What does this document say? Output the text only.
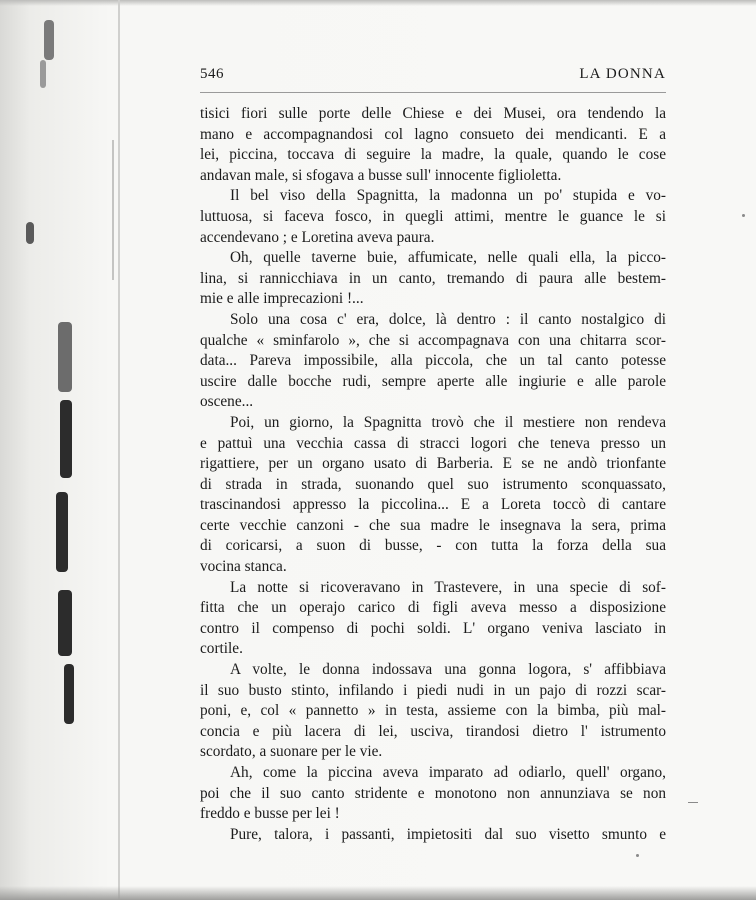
546	LA DONNA
tisici fiori sulle porte delle Chiese e dei Musei, ora tendendo la
mano e accompagnandosi col lagno consueto dei mendicanti. E a
lei, piccina, toccava di seguire la madre, la quale, quando le cose
andavan male, si sfogava a busse sull' innocente figlioletta.
Il bel viso della Spagnitta, la madonna un po' stupida e vo-
luttuosa, si faceva fosco, in quegli attimi, mentre le guance le si
accendevano ; e Loretina aveva paura.
Oh, quelle taverne buie, affumicate, nelle quali ella, la picco-
lina, si rannicchiava in un canto, tremando di paura alle bestem-
mie e alle imprecazioni !...
Solo una cosa c' era, dolce, là dentro : il canto nostalgico di
qualche « sminfarolo », che si accompagnava con una chitarra scor-
data... Pareva impossibile, alla piccola, che un tal canto potesse
uscire dalle bocche rudi, sempre aperte alle ingiurie e alle parole
oscene...
Poi, un giorno, la Spagnitta trovò che il mestiere non rendeva
e pattuì una vecchia cassa di stracci logori che teneva presso un
rigattiere, per un organo usato di Barberia. E se ne andò trionfante
di strada in strada, suonando quel suo istrumento sconquassato,
trascinandosi appresso la piccolina... E a Loreta toccò di cantare
certe vecchie canzoni - che sua madre le insegnava la sera, prima
di coricarsi, a suon di busse, - con tutta la forza della sua
vocina stanca.
La notte si ricoveravano in Trastevere, in una specie di sof-
fitta che un operajo carico di figli aveva messo a disposizione
contro il compenso di pochi soldi. L' organo veniva lasciato in
cortile.
A volte, le donna indossava una gonna logora, s' affibbiava
il suo busto stinto, infilando i piedi nudi in un pajo di rozzi scar-
poni, e, col « pannetto » in testa, assieme con la bimba, più mal-
concia e più lacera di lei, usciva, tirandosi dietro l' istrumento
scordato, a suonare per le vie.
Ah, come la piccina aveva imparato ad odiarlo, quell' organo,
poi che il suo canto stridente e monotono non annunziava se non
freddo e busse per lei !
Pure, talora, i passanti, impietositi dal suo visetto smunto e
